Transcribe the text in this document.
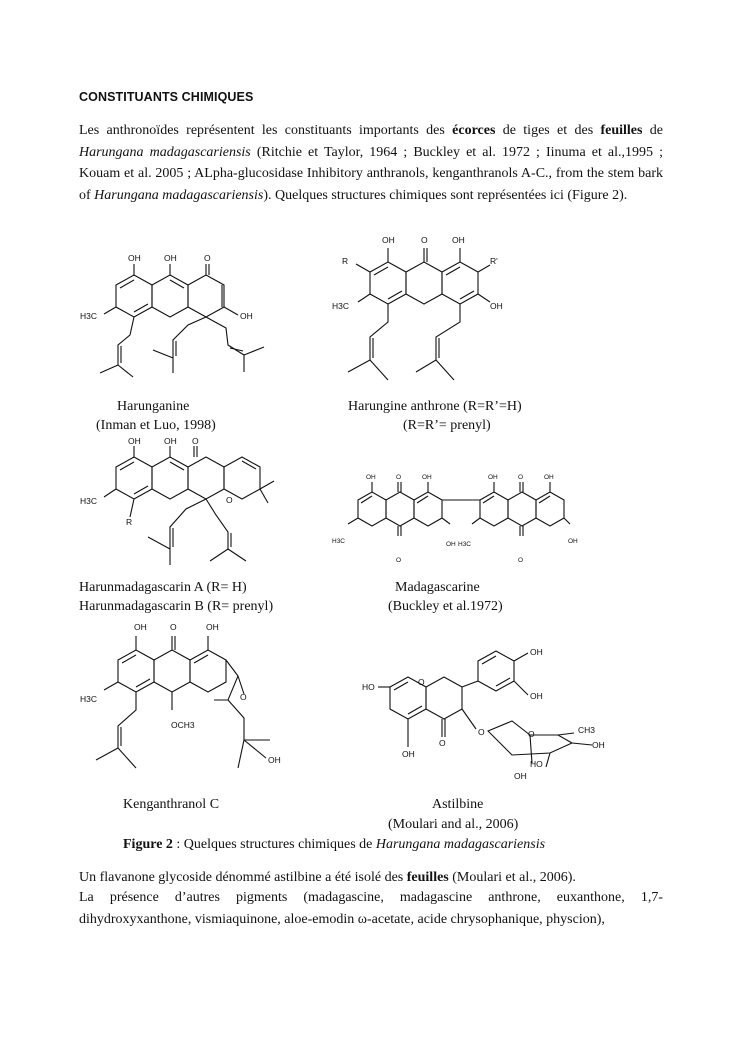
CONSTITUANTS CHIMIQUES
Les anthronoïdes représentent les constituants importants des écorces de tiges et des feuilles de Harungana madagascariensis (Ritchie et Taylor, 1964 ; Buckley et al. 1972 ; Iinuma et al.,1995 ; Kouam et al. 2005 ; ALpha-glucosidase Inhibitory anthranols, kenganthranols A-C., from the stem bark of Harungana madagascariensis). Quelques structures chimiques sont représentées ici (Figure 2).
OH	OH	O
OH
H3C
OH	O	OH
R	R'
H3C	OH
Harunganine
(Inman et Luo, 1998)
Harungine anthrone (R=R’=H)
(R=R’= prenyl)
OH	OH O
O
H3C
R
OH	O	OH	OH	O	OH
H3C	OH H3C	OH
O	O
Harunmadagascarin A (R= H)
Harunmadagascarin B (R= prenyl)
Madagascarine
(Buckley et al.1972)
OH	O	OH
O
H3C
OCH3
OH
O
HO
OH
OH
O
O	O	CH3
OH
OH
HO
OH
Kenganthranol C	Astilbine
(Moulari and al., 2006)
Figure 2 : Quelques structures chimiques de Harungana madagascariensis
Un flavanone glycoside dénommé astilbine a été isolé des feuilles (Moulari et al., 2006).
La présence d’autres pigments (madagascine, madagascine anthrone, euxanthone, 1,7-dihydroxyxanthone, vismiaquinone, aloe-emodin ω-acetate, acide chrysophanique, physcion),
